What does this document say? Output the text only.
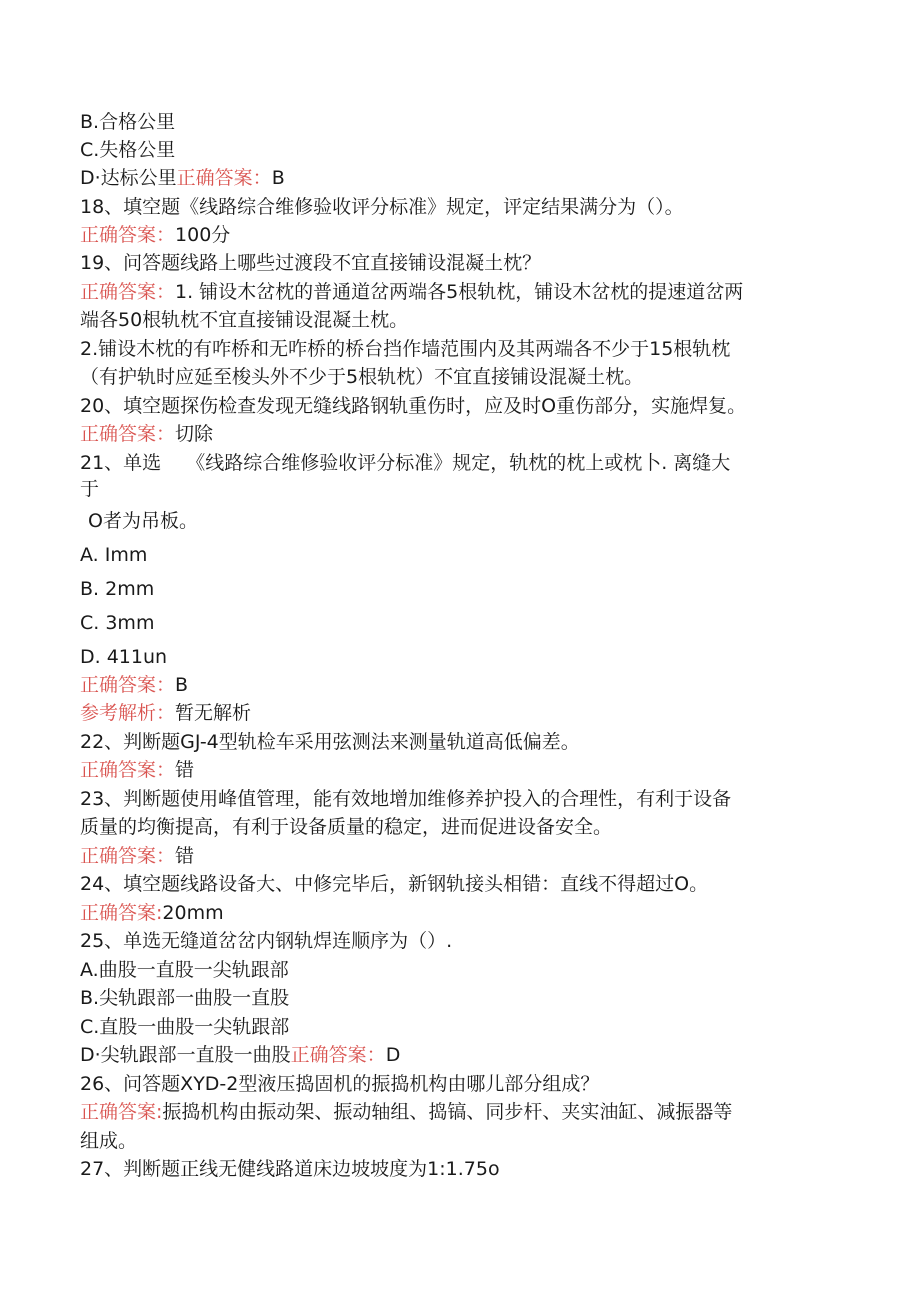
B.合格公里
C.失格公里
D·达标公里正确答案：B
18、填空题《线路综合维修验收评分标准》规定，评定结果满分为（）。
正确答案：100分
19、问答题线路上哪些过渡段不宜直接铺设混凝土枕？
正确答案：1. 铺设木岔枕的普通道岔两端各5根轨枕，铺设木岔枕的提速道岔两
端各50根轨枕不宜直接铺设混凝土枕。
2.铺设木枕的有咋桥和无咋桥的桥台挡作墙范围内及其两端各不少于15根轨枕
（有护轨时应延至梭头外不少于5根轨枕）不宜直接铺设混凝土枕。
20、填空题探伤检查发现无缝线路钢轨重伤时，应及时O重伤部分，实施焊复。
正确答案：切除
21、单选　 《线路综合维修验收评分标准》规定，轨枕的枕上或枕卜. 离缝大
于
O者为吊板。
A. Imm
B. 2mm
C. 3mm
D. 411un
正确答案：B
参考解析：暂无解析
22、判断题GJ-4型轨检车采用弦测法来测量轨道高低偏差。
正确答案：错
23、判断题使用峰值管理，能有效地增加维修养护投入的合理性，有利于设备
质量的均衡提高，有利于设备质量的稳定，进而促进设备安全。
正确答案：错
24、填空题线路设备大、中修完毕后，新钢轨接头相错：直线不得超过O。
正确答案:20mm
25、单选无缝道岔岔内钢轨焊连顺序为（）.
A.曲股一直股一尖轨跟部
B.尖轨跟部一曲股一直股
C.直股一曲股一尖轨跟部
D·尖轨跟部一直股一曲股正确答案：D
26、问答题XYD-2型液压捣固机的振捣机构由哪儿部分组成？
正确答案:振捣机构由振动架、振动轴组、捣镐、同步杆、夹实油缸、减振器等
组成。
27、判断题正线无健线路道床边坡坡度为1:1.75o
